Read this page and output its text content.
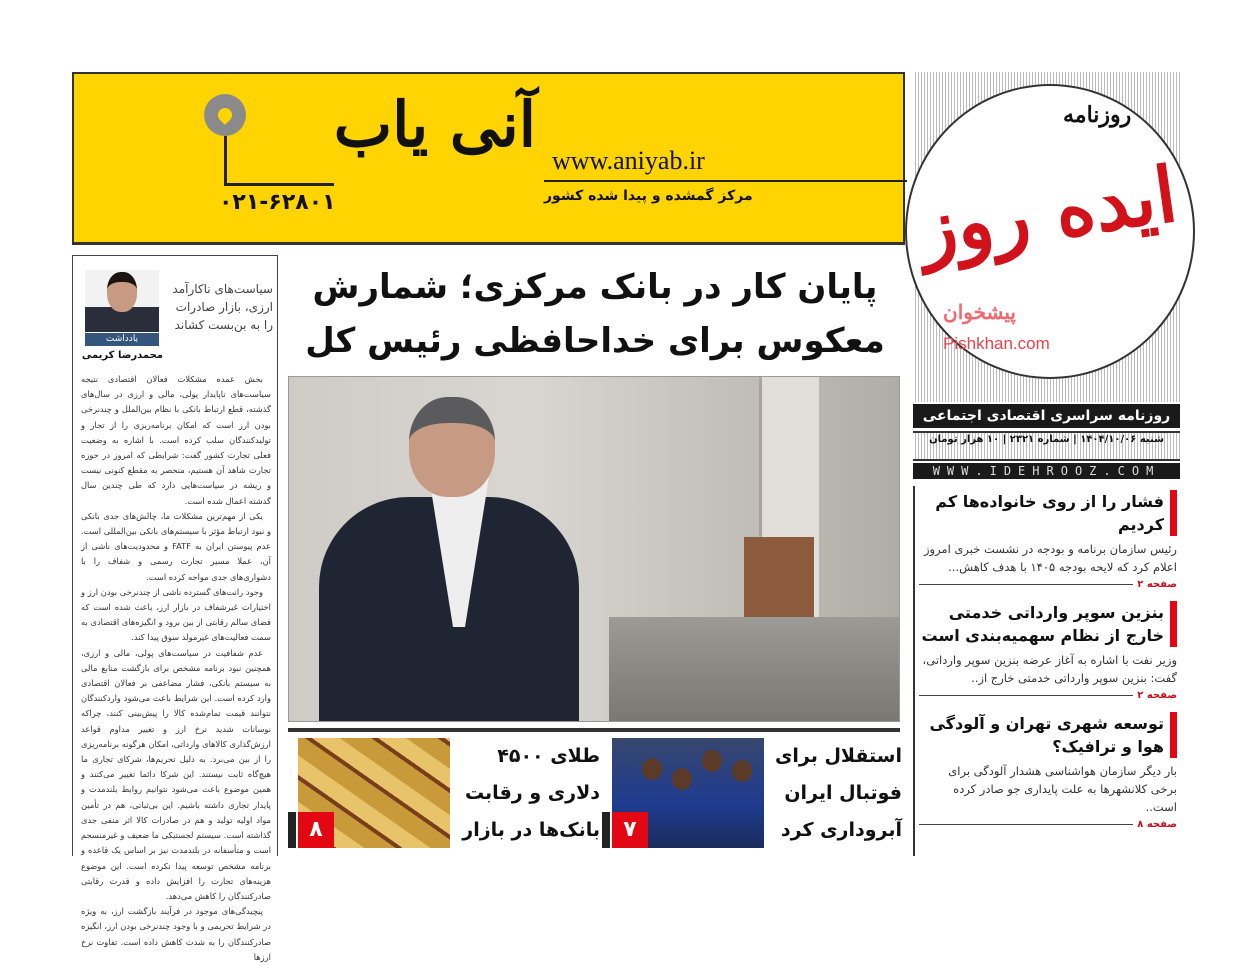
۰۲۱-۶۲۸۰۱
آنی یاب www.aniyab.ir
مرکز گمشده و پیدا شده کشور
روزنامه
ایده روز
پیشخوان
Pishkhan.com
روزنامه سراسری اقتصادی اجتماعی
شنبه ۱۴۰۴/۱۰/۰۶ | شماره ۲۳۲۱ | ۱۰ هزار تومان
WWW.IDEHROOZ.COM
فشار را از روی خانواده‌ها کم کردیم

رئیس سازمان برنامه و بودجه در نشست خبری امروز اعلام کرد که لایحه بودجه ۱۴۰۵ با هدف کاهش...

صفحه ۲
بنزین سوپر وارداتی خدمتی خارج از نظام سهمیه‌بندی است

وزیر نفت با اشاره به آغاز عرضه بنزین سوپر وارداتی، گفت: بنزین سوپر وارداتی خدمتی خارج از..

صفحه ۲
توسعه شهری تهران و آلودگی هوا و ترافیک؟

بار دیگر سازمان هواشناسی هشدار آلودگی برای برخی کلانشهرها به علت پایداری جو صادر کرده است..

صفحه ۸
یادداشت
سیاست‌های ناکارآمد ارزی، بازار صادرات را به بن‌بست کشاند
محمدرضا کریمی

بخش عمده مشکلات فعالان اقتصادی نتیجه سیاست‌های ناپایدار پولی، مالی و ارزی در سال‌های گذشته، قطع ارتباط بانکی با نظام بین‌الملل و چندنرخی بودن ارز است که امکان برنامه‌ریزی را از تجار و تولیدکنندگان سلب کرده است. با اشاره به وضعیت فعلی تجارت کشور گفت: شرایطی که امروز در حوزه تجارت شاهد آن هستیم، منحصر به مقطع کنونی نیست و ریشه در سیاست‌هایی دارد که طی چندین سال گذشته اعمال شده است.

یکی از مهم‌ترین مشکلات ما، چالش‌های جدی بانکی و نبود ارتباط مؤثر با سیستم‌های بانکی بین‌المللی است. عدم پیوستن ایران به FATF و محدودیت‌های ناشی از آن، عملا مسیر تجارت رسمی و شفاف را با دشواری‌های جدی مواجه کرده است.

وجود رانت‌های گسترده ناشی از چندنرخی بودن ارز و اختیارات غیرشفاف در بازار ارز، باعث شده است که فضای سالم رقابتی از بین برود و انگیزه‌های اقتصادی به سمت فعالیت‌های غیرمولد سوق پیدا کند.

عدم شفافیت در سیاست‌های پولی، مالی و ارزی، همچنین نبود برنامه مشخص برای بازگشت منابع مالی به سیستم بانکی، فشار مضاعفی بر فعالان اقتصادی وارد کرده است. این شرایط باعث می‌شود واردکنندگان نتوانند قیمت تمام‌شده کالا را پیش‌بینی کنند، چراکه نوسانات شدید نرخ ارز و تغییر مداوم قواعد ارزش‌گذاری کالاهای وارداتی، امکان هرگونه برنامه‌ریزی را از بین می‌برد. به دلیل تحریم‌ها، شرکای تجاری ما هیچ‌گاه ثابت نیستند. این شرکا دائما تغییر می‌کنند و همین موضوع باعث می‌شود نتوانیم روابط بلندمدت و پایدار تجاری داشته باشیم. این بی‌ثباتی، هم در تأمین مواد اولیه تولید و هم در صادرات کالا اثر منفی جدی گذاشته است. سیستم لجستیکی ما ضعیف و غیرمنسجم است و متأسفانه در بلندمدت نیز بر اساس یک قاعده و برنامه مشخص توسعه پیدا نکرده است. این موضوع هزینه‌های تجارت را افزایش داده و قدرت رقابتی صادرکنندگان را کاهش می‌دهد.

پیچیدگی‌های موجود در فرآیند بازگشت ارز، به ویژه در شرایط تحریمی و با وجود چندنرخی بودن ارز، انگیزه صادرکنندگان را به شدت کاهش داده است. تفاوت نرخ ارزها

پایان کار در بانک مرکزی؛ شمارش
معکوس برای خداحافظی رئیس کل
۸
طلای ۴۵۰۰
دلاری و رقابت
بانک‌ها در بازار	۷
استقلال برای
فوتبال ایران
آبروداری کرد
